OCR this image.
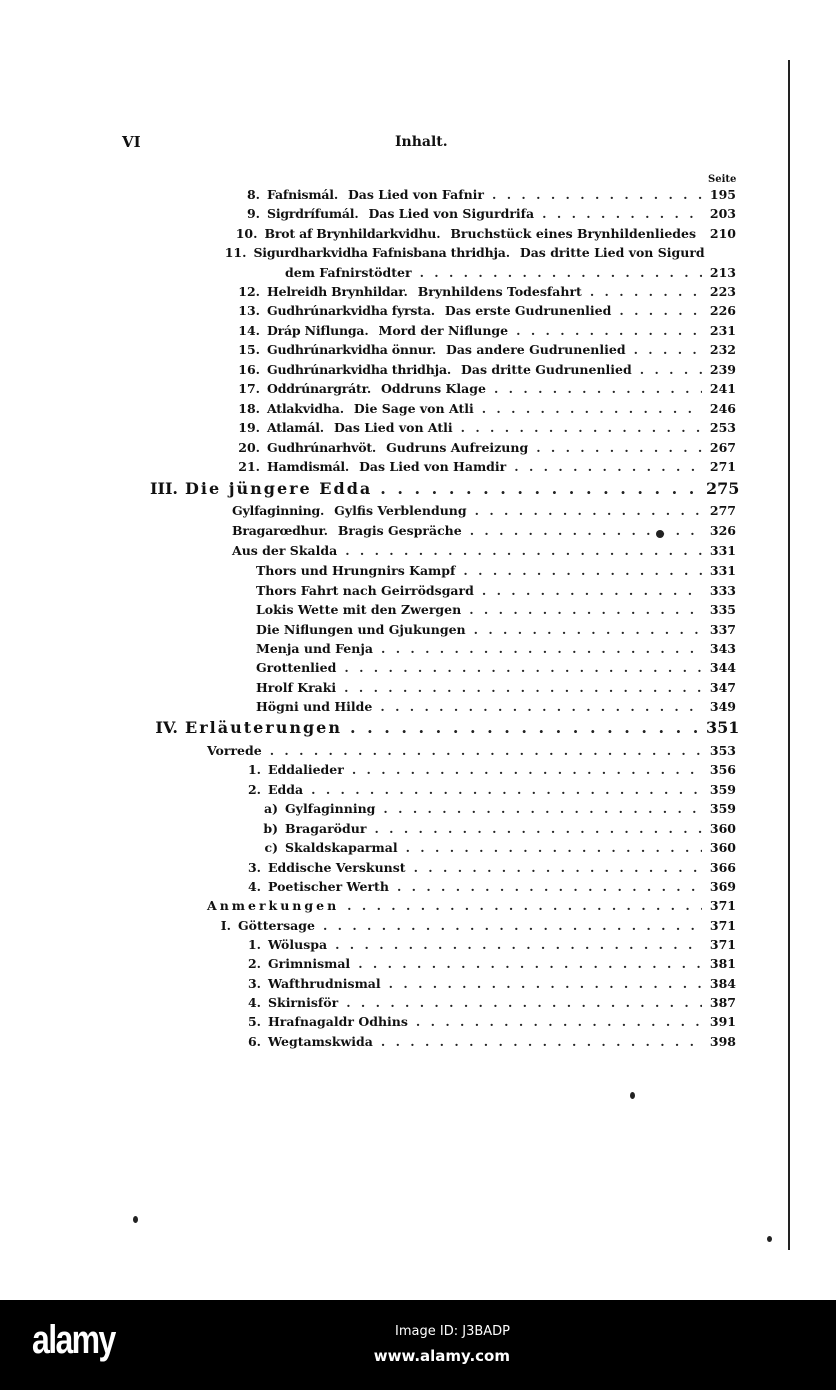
VI	Inhalt.
Seite
8. Fafnismál. Das Lied von Fafnir . . .	195
9. Sigrdrífumál. Das Lied von Sigurdrifa . . .	203
10. Brot af Brynhildarkvidhu. Bruchstück eines Brynhildenliedes 210
11. Sigurdharkvidha Fafnisbana thridhja. Das dritte Lied von Sigurd
dem Fafnirstödter . . .	213
12. Helreidh Brynhildar. Brynhildens Todesfahrt . . .	223
13. Gudhrúnarkvidha fyrsta. Das erste Gudrunenlied . . .	226
14. Dráp Niflunga. Mord der Niflunge . . .	231
15. Gudhrúnarkvidha önnur. Das andere Gudrunenlied . . .	232
16. Gudhrúnarkvidha thridhja. Das dritte Gudrunenlied . . .	239
17. Oddrúnargrátr. Oddruns Klage . . .	241
18. Atlakvidha. Die Sage von Atli . . .	246
19. Atlamál. Das Lied von Atli . . .	253
20. Gudhrúnarhvöt. Gudruns Aufreizung . . .	267
21. Hamdismál. Das Lied von Hamdir . . .	271
III. Die jüngere Edda . . .	275
Gylfaginning. Gylfis Verblendung . . .	277
Bragarœdhur. Bragis Gespräche . . .	326
Aus der Skalda . . .	331
Thors und Hrungnirs Kampf . . .	331
Thors Fahrt nach Geirrödsgard . . .	333
Lokis Wette mit den Zwergen . . .	335
Die Niflungen und Gjukungen . . .	337
Menja und Fenja . . .	343
Grottenlied . . .	344
Hrolf Kraki . . .	347
Högni und Hilde . . .	349
IV. Erläuterungen . . .	351
Vorrede . . .	353
1. Eddalieder . . .	356
2. Edda . . .	359
a) Gylfaginning . . .	359
b) Bragarödur . . .	360
c) Skaldskaparmal . . .	360
3. Eddische Verskunst . . .	366
4. Poetischer Werth . . .	369
Anmerkungen . . .	371
I. Göttersage . . .	371
1. Wöluspa . . .	371
2. Grimnismal . . .	381
3. Wafthrudnismal . . .	384
4. Skirnisför . . .	387
5. Hrafnagaldr Odhins . . .	391
6. Wegtamskwida . . .	398
alamy	Image ID: J3BADP
www.alamy.com
